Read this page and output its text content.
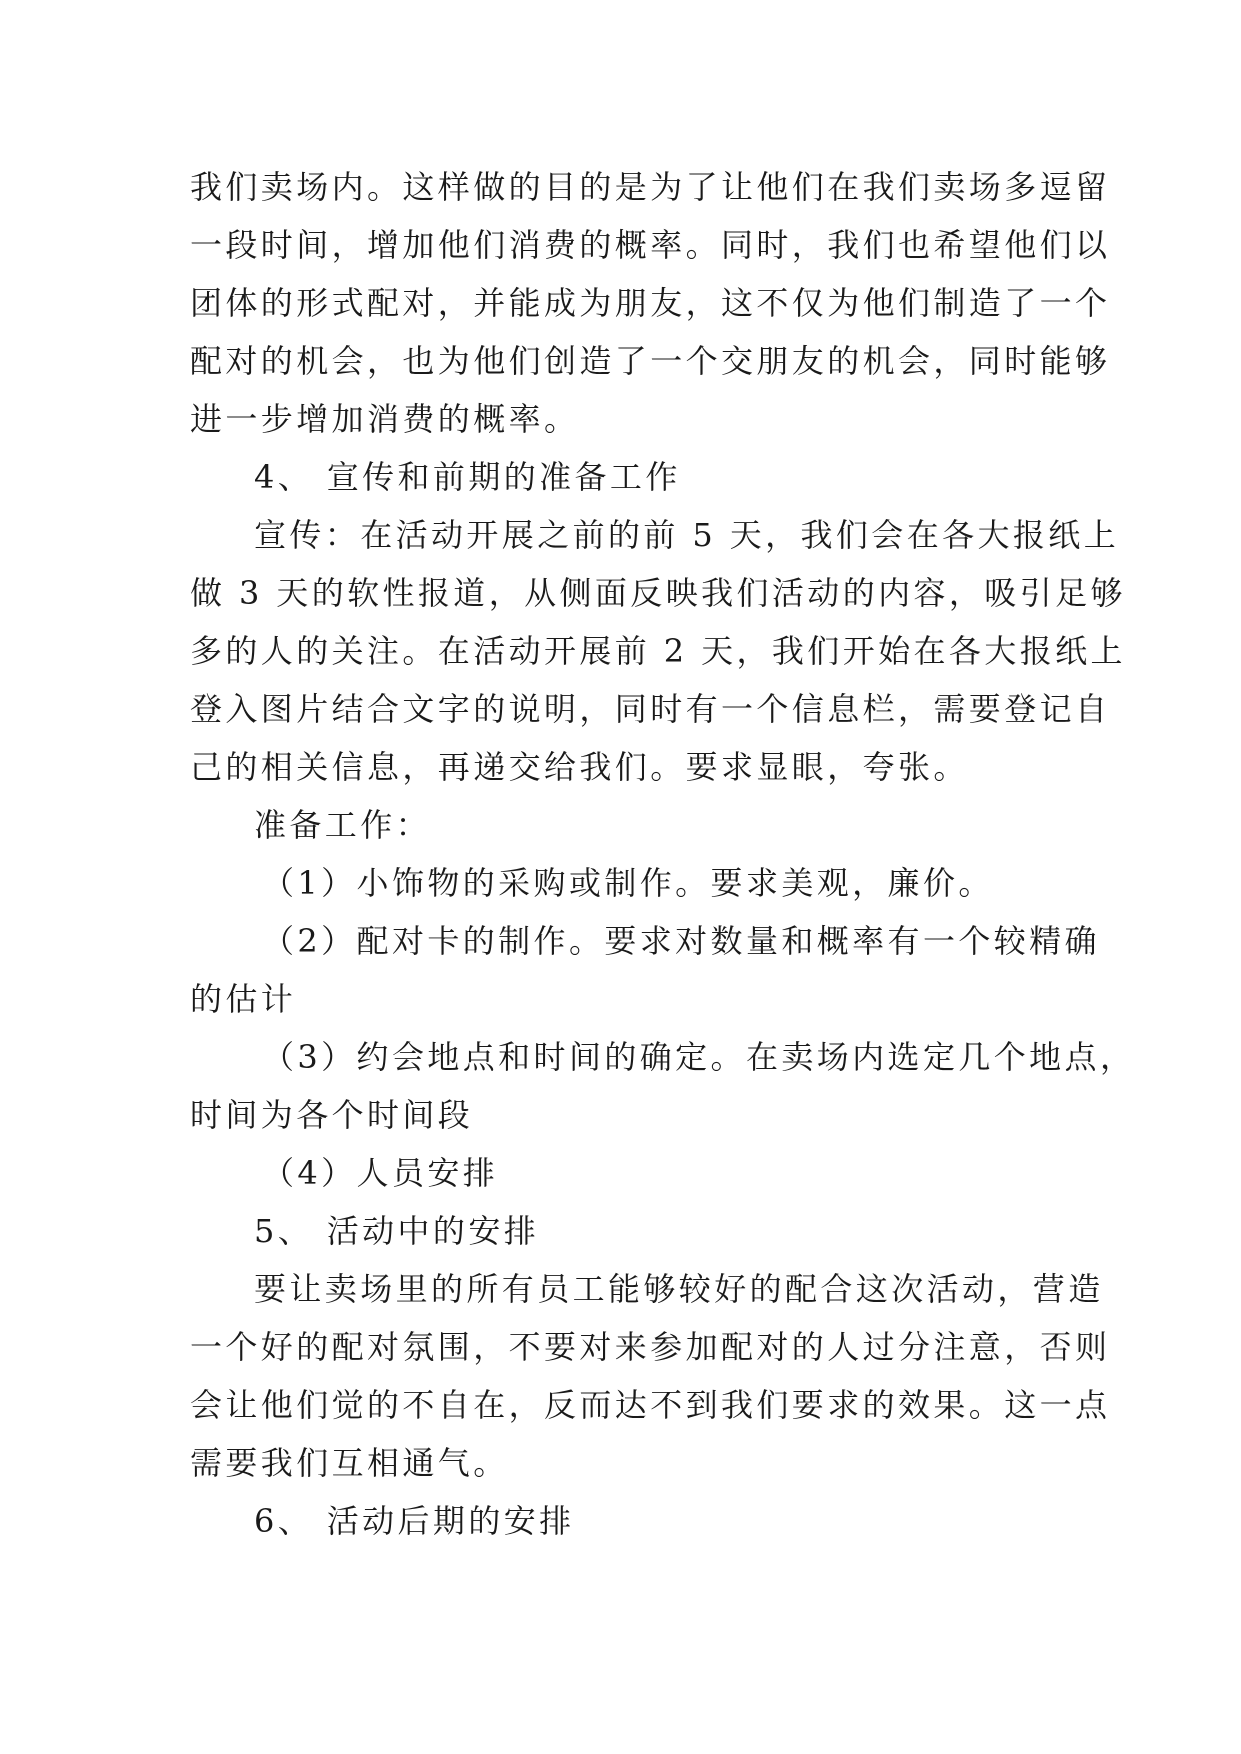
我们卖场内。这样做的目的是为了让他们在我们卖场多逗留
一段时间，增加他们消费的概率。同时，我们也希望他们以
团体的形式配对，并能成为朋友，这不仅为他们制造了一个
配对的机会，也为他们创造了一个交朋友的机会，同时能够
进一步增加消费的概率。
4、 宣传和前期的准备工作
宣传：在活动开展之前的前 5 天，我们会在各大报纸上
做 3 天的软性报道，从侧面反映我们活动的内容，吸引足够
多的人的关注。在活动开展前 2 天，我们开始在各大报纸上
登入图片结合文字的说明，同时有一个信息栏，需要登记自
己的相关信息，再递交给我们。要求显眼，夸张。
准备工作：
（1）小饰物的采购或制作。要求美观，廉价。
（2）配对卡的制作。要求对数量和概率有一个较精确
的估计
（3）约会地点和时间的确定。在卖场内选定几个地点，
时间为各个时间段
（4）人员安排
5、 活动中的安排
要让卖场里的所有员工能够较好的配合这次活动，营造
一个好的配对氛围，不要对来参加配对的人过分注意，否则
会让他们觉的不自在，反而达不到我们要求的效果。这一点
需要我们互相通气。
6、 活动后期的安排
